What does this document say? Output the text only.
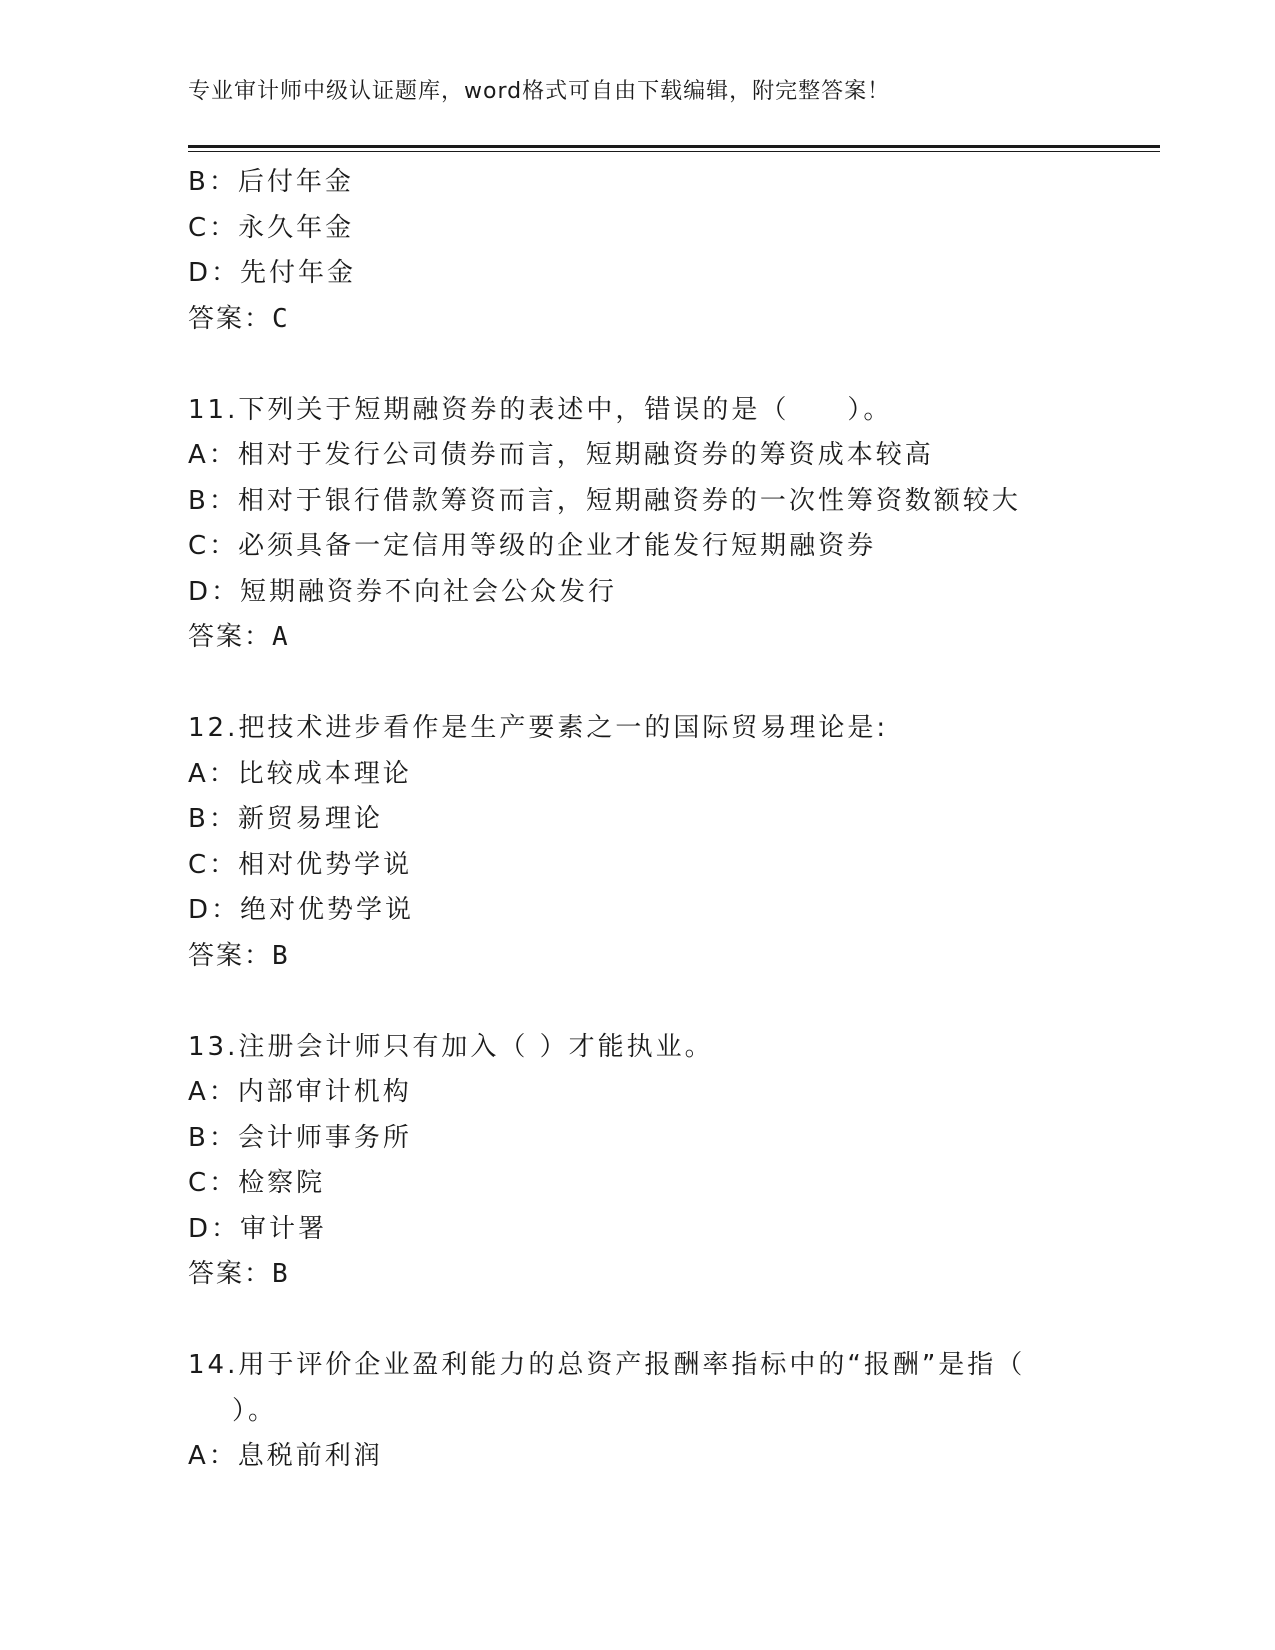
专业审计师中级认证题库，word格式可自由下载编辑，附完整答案！
B：后付年金
C：永久年金
D：先付年金
答案：C
11.下列关于短期融资券的表述中，错误的是（　　）。
A：相对于发行公司债券而言，短期融资券的筹资成本较高
B：相对于银行借款筹资而言，短期融资券的一次性筹资数额较大
C：必须具备一定信用等级的企业才能发行短期融资券
D：短期融资券不向社会公众发行
答案：A
12.把技术进步看作是生产要素之一的国际贸易理论是:
A：比较成本理论
B：新贸易理论
C：相对优势学说
D：绝对优势学说
答案：B
13.注册会计师只有加入（ ）才能执业。
A：内部审计机构
B：会计师事务所
C：检察院
D：审计署
答案：B
14.用于评价企业盈利能力的总资产报酬率指标中的“报酬”是指（
）。
A：息税前利润
